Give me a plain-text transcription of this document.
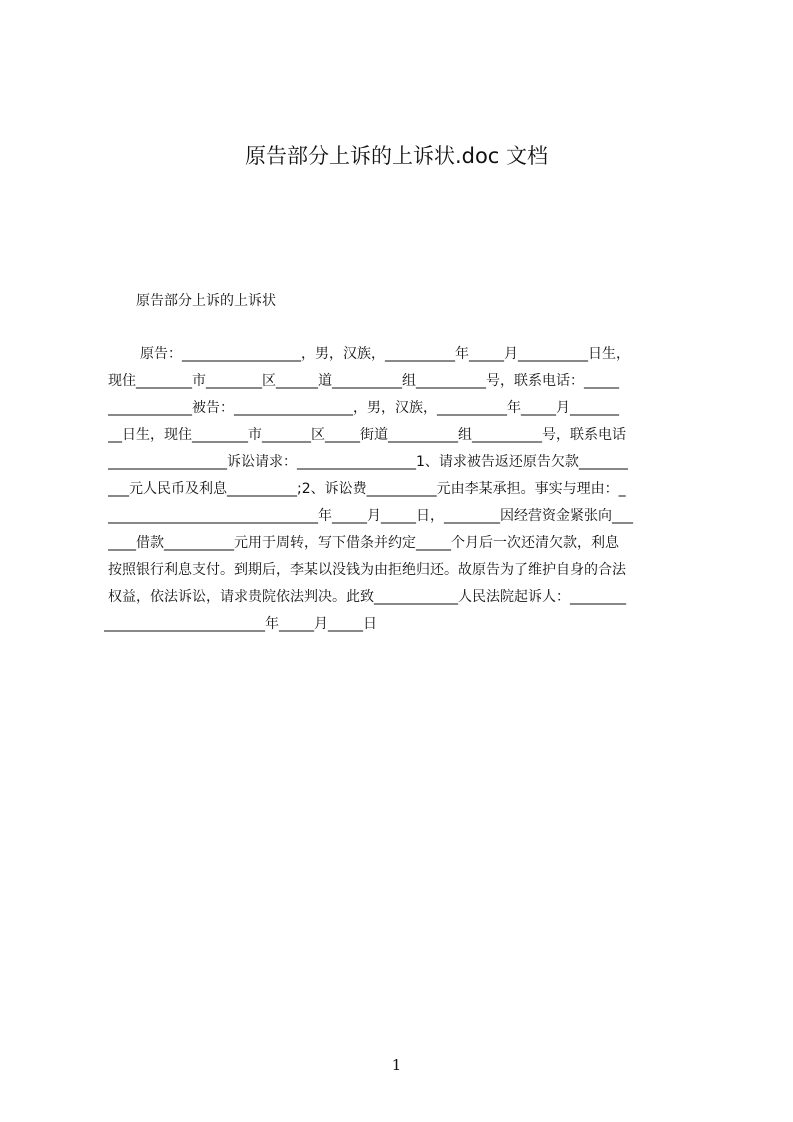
原告部分上诉的上诉状.doc 文档
原告部分上诉的上诉状
原告：_________________，男，汉族，__________年_____月__________日生，
现住________市________区______道__________组__________号，联系电话：_____
____________被告：_________________，男，汉族，__________年_____月_______
__日生，现住________市_______区_____街道__________组__________号，联系电话
_________________诉讼请求：_________________1、请求被告返还原告欠款_______
___元人民币及利息__________;2、诉讼费__________元由李某承担。事实与理由：_
______________________________年_____月_____日，________因经营资金紧张向___
____借款__________元用于周转，写下借条并约定_____个月后一次还清欠款，利息
按照银行利息支付。到期后，李某以没钱为由拒绝归还。故原告为了维护自身的合法
权益，依法诉讼，请求贵院依法判决。此致____________人民法院起诉人：________
_______________________年_____月_____日
1
